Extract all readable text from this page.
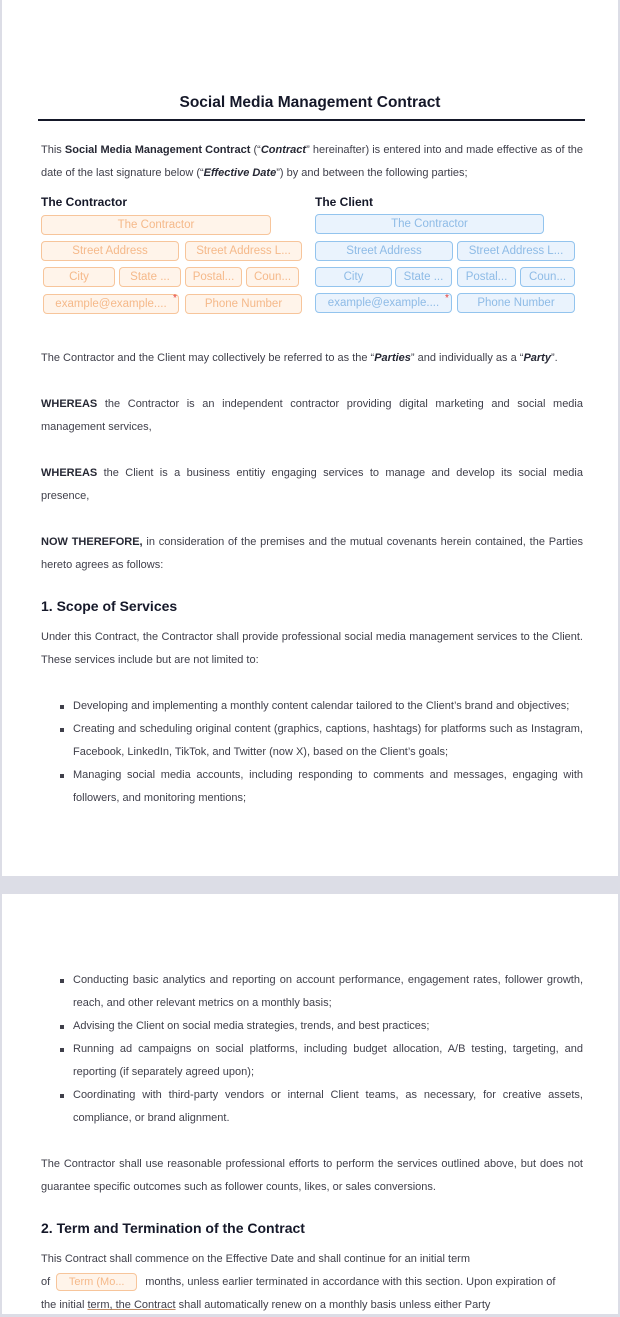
Social Media Management Contract
This Social Media Management Contract (“Contract” hereinafter) is entered into and made effective as of the date of the last signature below (“Effective Date”) by and between the following parties;
The Contractor
The Contractor
Street Address	Street Address L...
City	State ...	Postal...	Coun...
example@example.... *	Phone Number
The Client
The Contractor
Street Address	Street Address L...
City	State ...	Postal...	Coun...
example@example.... *	Phone Number
The Contractor and the Client may collectively be referred to as the “Parties” and individually as a “Party”.
WHEREAS the Contractor is an independent contractor providing digital marketing and social media management services,
WHEREAS the Client is a business entitiy engaging services to manage and develop its social media presence,
NOW THEREFORE, in consideration of the premises and the mutual covenants herein contained, the Parties hereto agrees as follows:
1. Scope of Services
Under this Contract, the Contractor shall provide professional social media management services to the Client. These services include but are not limited to:
Developing and implementing a monthly content calendar tailored to the Client’s brand and objectives;
Creating and scheduling original content (graphics, captions, hashtags) for platforms such as Instagram, Facebook, LinkedIn, TikTok, and Twitter (now X), based on the Client’s goals;
Managing social media accounts, including responding to comments and messages, engaging with followers, and monitoring mentions;
Conducting basic analytics and reporting on account performance, engagement rates, follower growth, reach, and other relevant metrics on a monthly basis;
Advising the Client on social media strategies, trends, and best practices;
Running ad campaigns on social platforms, including budget allocation, A/B testing, targeting, and reporting (if separately agreed upon);
Coordinating with third-party vendors or internal Client teams, as necessary, for creative assets, compliance, or brand alignment.
The Contractor shall use reasonable professional efforts to perform the services outlined above, but does not guarantee specific outcomes such as follower counts, likes, or sales conversions.
2. Term and Termination of the Contract
This Contract shall commence on the Effective Date and shall continue for an initial term
of Term (Mo... months, unless earlier terminated in accordance with this section. Upon expiration of
the initial term, the Contract shall automatically renew on a monthly basis unless either Party
